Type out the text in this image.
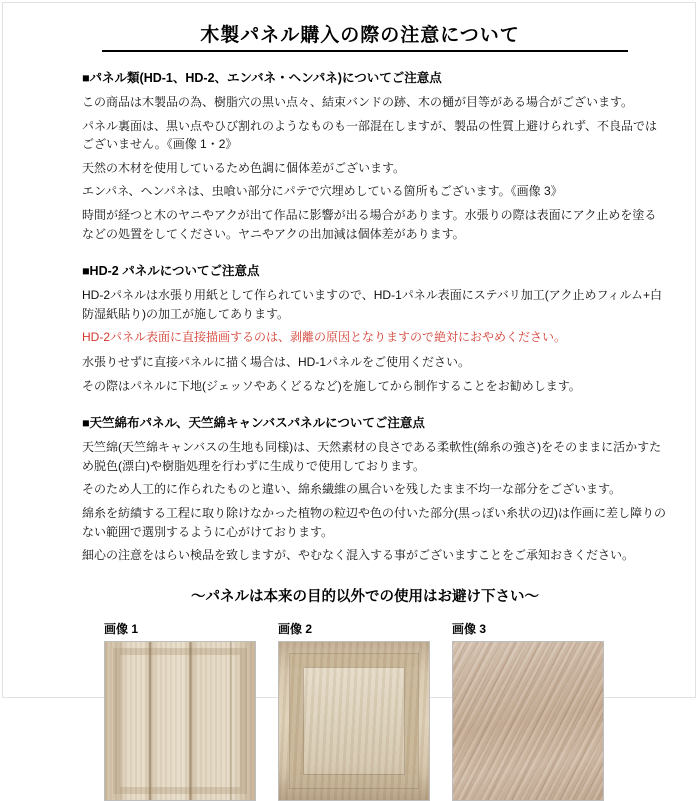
木製パネル購入の際の注意について
■パネル類(HD-1、HD-2、エンバネ・ヘンパネ)についてご注意点

この商品は木製品の為、樹脂穴の黒い点々、結束バンドの跡、木の樋が目等がある場合がございます。

パネル裏面は、黒い点やひび割れのようなものも一部混在しますが、製品の性質上避けられず、不良品ではございません。《画像 1・2》

天然の木材を使用しているため色調に個体差がございます。

エンパネ、ヘンパネは、虫喰い部分にパテで穴埋めしている箇所もございます。《画像 3》

時間が経つと木のヤニやアクが出て作品に影響が出る場合があります。水張りの際は表面にアク止めを塗るなどの処置をしてください。ヤニやアクの出加減は個体差があります。

■HD-2 パネルについてご注意点

HD-2パネルは水張り用紙として作られていますので、HD-1パネル表面にステバリ加工(アク止めフィルム+白防湿紙貼り)の加工が施してあります。

HD-2パネル表面に直接描画するのは、剥離の原因となりますので絶対におやめください。

水張りせずに直接パネルに描く場合は、HD-1パネルをご使用ください。

その際はパネルに下地(ジェッソやあくどるなど)を施してから制作することをお勧めします。

■天竺綿布パネル、天竺綿キャンバスパネルについてご注意点

天竺綿(天竺綿キャンバスの生地も同様)は、天然素材の良さである柔軟性(綿糸の強さ)をそのままに活かすため脱色(漂白)や樹脂処理を行わずに生成りで使用しております。

そのため人工的に作られたものと違い、綿糸繊維の風合いを残したまま不均一な部分をございます。

綿糸を紡績する工程に取り除けなかった植物の粒辺や色の付いた部分(黒っぽい糸状の辺)は作画に差し障りのない範囲で選別するように心がけております。

細心の注意をはらい検品を致しますが、やむなく混入する事がございますことをご承知おきください。

～パネルは本来の目的以外での使用はお避け下さい～
画像 1	画像 2	画像 3
